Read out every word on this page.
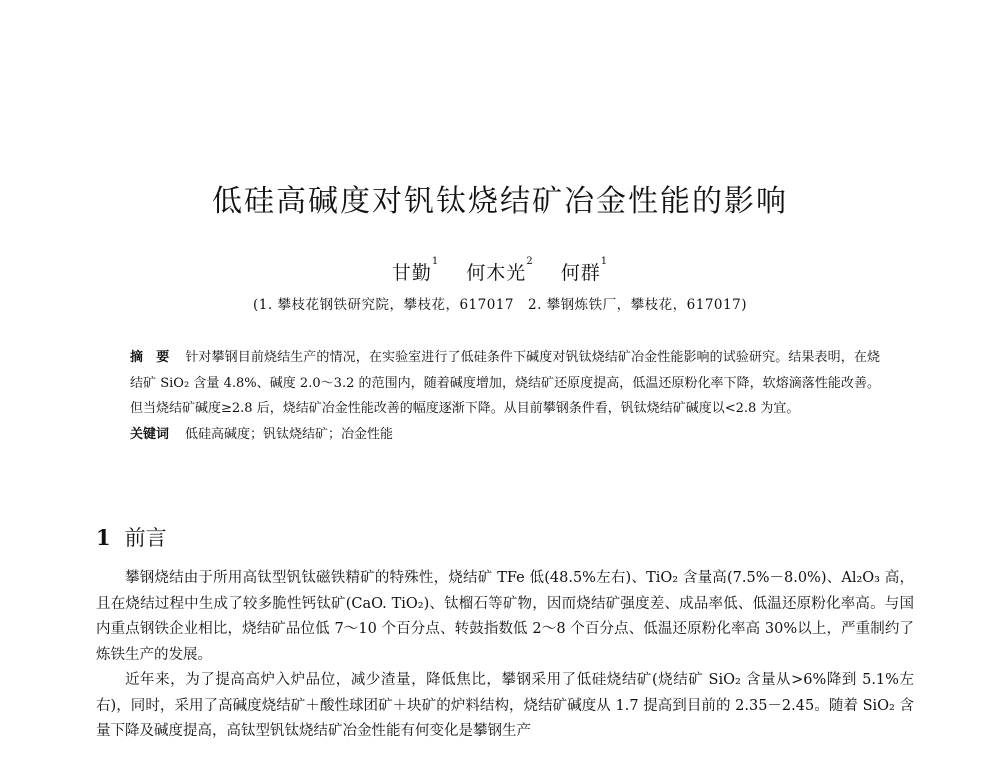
低硅高碱度对钒钛烧结矿冶金性能的影响
甘勤$^1$ 何木光$^2$ 何群$^1$
(1. 攀枝花钢铁研究院，攀枝花，617017　2. 攀钢炼铁厂，攀枝花，617017)

摘　要 针对攀钢目前烧结生产的情况，在实验室进行了低硅条件下碱度对钒钛烧结矿冶金性能影响的试验研究。结果表明，在烧结矿 SiO₂ 含量 4.8%、碱度 2.0～3.2 的范围内，随着碱度增加，烧结矿还原度提高，低温还原粉化率下降，软熔滴落性能改善。但当烧结矿碱度≥2.8 后，烧结矿冶金性能改善的幅度逐渐下降。从目前攀钢条件看，钒钛烧结矿碱度以<2.8 为宜。

关键词 低硅高碱度；钒钛烧结矿；冶金性能

1 前言

攀钢烧结由于所用高钛型钒钛磁铁精矿的特殊性，烧结矿 TFe 低(48.5%左右)、TiO₂ 含量高(7.5%－8.0%)、Al₂O₃ 高，且在烧结过程中生成了较多脆性钙钛矿(CaO. TiO₂)、钛榴石等矿物，因而烧结矿强度差、成品率低、低温还原粉化率高。与国内重点钢铁企业相比，烧结矿品位低 7～10 个百分点、转鼓指数低 2～8 个百分点、低温还原粉化率高 30%以上，严重制约了炼铁生产的发展。

近年来，为了提高高炉入炉品位，减少渣量，降低焦比，攀钢采用了低硅烧结矿(烧结矿 SiO₂ 含量从>6%降到 5.1%左右)，同时，采用了高碱度烧结矿＋酸性球团矿＋块矿的炉料结构，烧结矿碱度从 1.7 提高到目前的 2.35－2.45。随着 SiO₂ 含量下降及碱度提高，高钛型钒钛烧结矿冶金性能有何变化是攀钢生产
